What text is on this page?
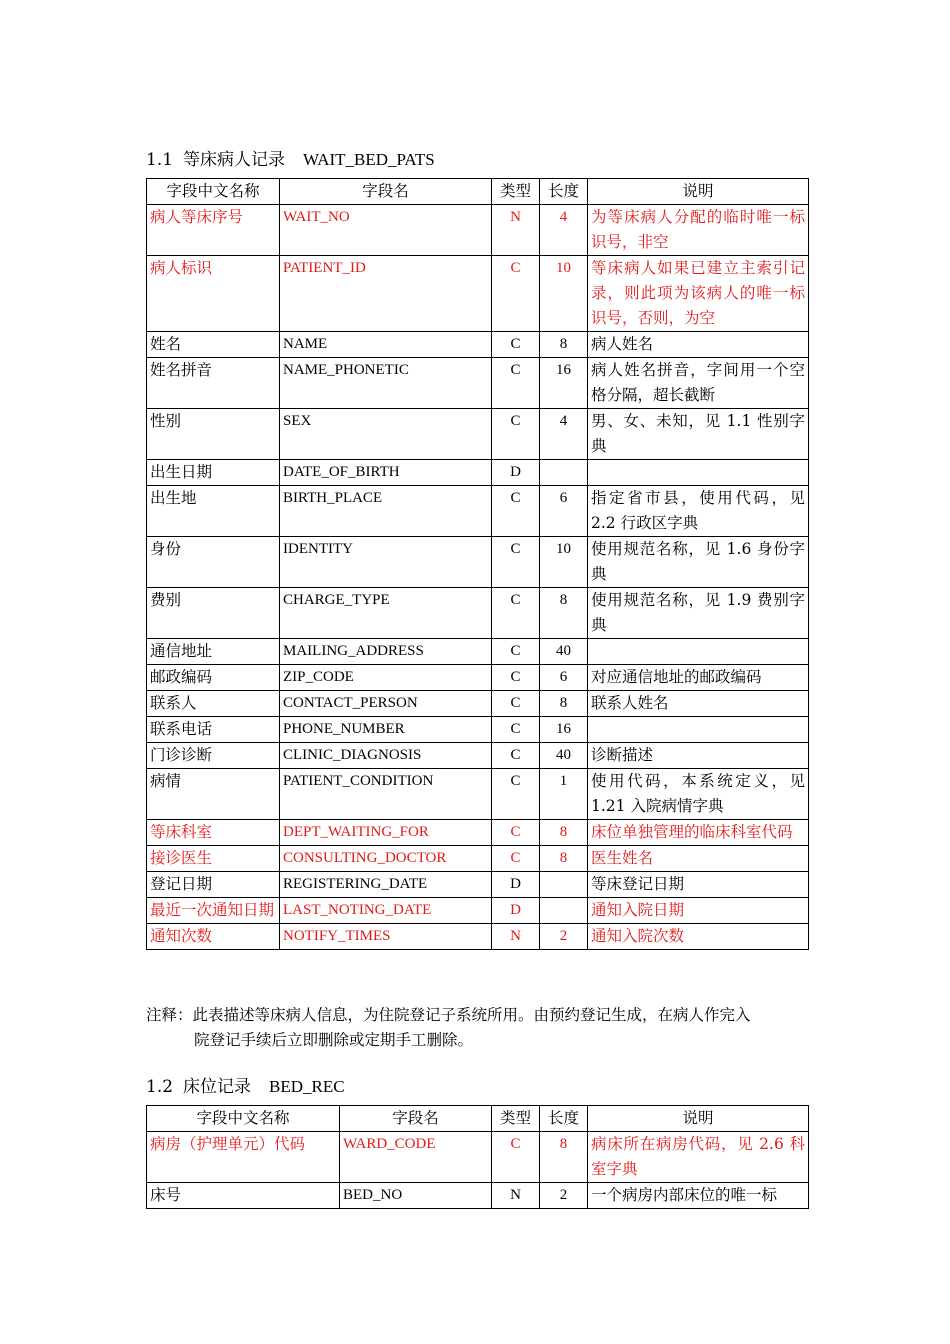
1.1 等床病人记录 WAIT_BED_PATS
字段中文名称	字段名	类型	长度	说明
病人等床序号	WAIT_NO	N	4	为等床病人分配的临时唯一标识号，非空
病人标识	PATIENT_ID	C	10	等床病人如果已建立主索引记录，则此项为该病人的唯一标识号，否则，为空
姓名	NAME	C	8	病人姓名
姓名拼音	NAME_PHONETIC	C	16	病人姓名拼音，字间用一个空格分隔，超长截断
性别	SEX	C	4	男、女、未知，见 1.1 性别字典
出生日期	DATE_OF_BIRTH	D		
出生地	BIRTH_PLACE	C	6	指定省市县，使用代码，见 2.2 行政区字典
身份	IDENTITY	C	10	使用规范名称，见 1.6 身份字典
费别	CHARGE_TYPE	C	8	使用规范名称，见 1.9 费别字典
通信地址	MAILING_ADDRESS	C	40	
邮政编码	ZIP_CODE	C	6	对应通信地址的邮政编码
联系人	CONTACT_PERSON	C	8	联系人姓名
联系电话	PHONE_NUMBER	C	16	
门诊诊断	CLINIC_DIAGNOSIS	C	40	诊断描述
病情	PATIENT_CONDITION	C	1	使用代码，本系统定义，见 1.21 入院病情字典
等床科室	DEPT_WAITING_FOR	C	8	床位单独管理的临床科室代码
接诊医生	CONSULTING_DOCTOR	C	8	医生姓名
登记日期	REGISTERING_DATE	D		等床登记日期
最近一次通知日期	LAST_NOTING_DATE	D		通知入院日期
通知次数	NOTIFY_TIMES	N	2	通知入院次数
注释：此表描述等床病人信息，为住院登记子系统所用。由预约登记生成，在病人作完入
院登记手续后立即删除或定期手工删除。
1.2 床位记录 BED_REC
字段中文名称	字段名	类型	长度	说明
病房（护理单元）代码	WARD_CODE	C	8	病床所在病房代码，见 2.6 科室字典
床号	BED_NO	N	2	一个病房内部床位的唯一标
